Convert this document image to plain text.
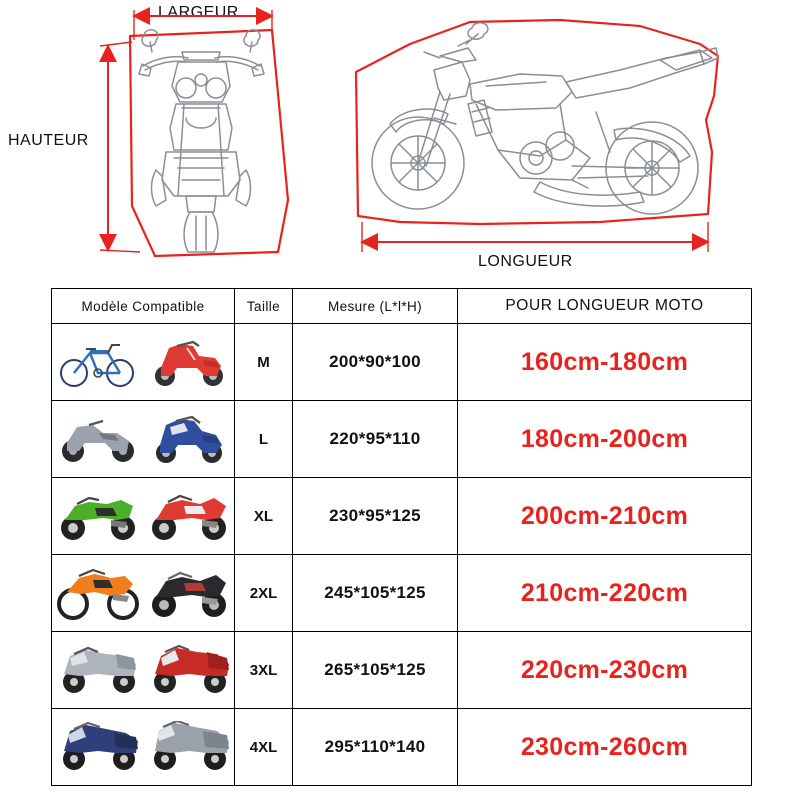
LARGEUR
HAUTEUR
LONGUEUR
Modèle Compatible	Taille	Mesure (L*l*H)	POUR LONGUEUR MOTO

	M	200*90*100	160cm-180cm

	L	220*95*110	180cm-200cm

	XL	230*95*125	200cm-210cm

	2XL	245*105*125	210cm-220cm

	3XL	265*105*125	220cm-230cm

	4XL	295*110*140	230cm-260cm
